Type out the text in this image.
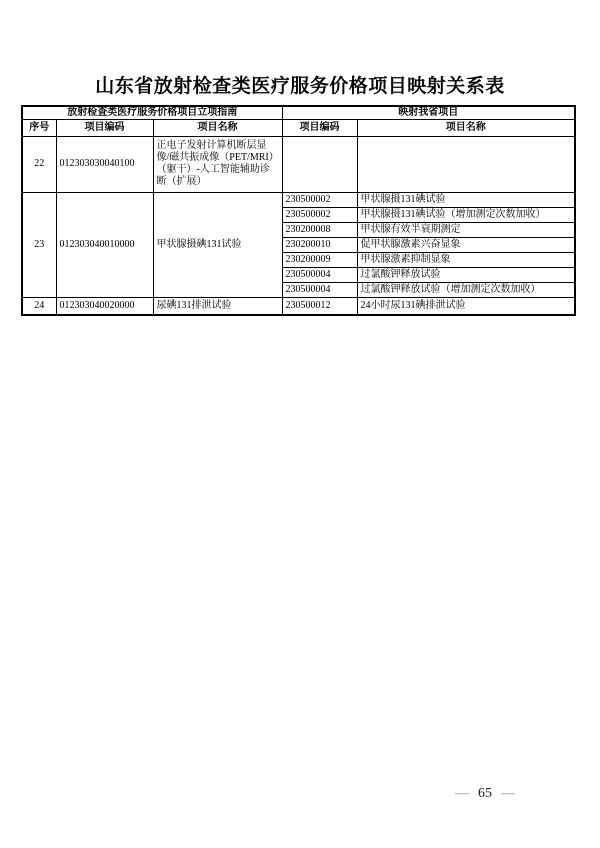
山东省放射检查类医疗服务价格项目映射关系表
放射检查类医疗服务价格项目立项指南			映射我省项目	
序号	项目编码	项目名称	项目编码	项目名称
22	012303030040100	正电子发射计算机断层显像/磁共振成像（PET/MRI）（躯干）-人工智能辅助诊断（扩展）		
23	012303040010000	甲状腺摄碘131试验	230500002	甲状腺摄131碘试验
			230500002	甲状腺摄131碘试验（增加测定次数加收）
			230200008	甲状腺有效半衰期测定
			230200010	促甲状腺激素兴奋显象
			230200009	甲状腺激素抑制显象
			230500004	过氯酸钾释放试验
			230500004	过氯酸钾释放试验（增加测定次数加收）
24	012303040020000	尿碘131排泄试验	230500012	24小时尿131碘排泄试验
— 65 —
